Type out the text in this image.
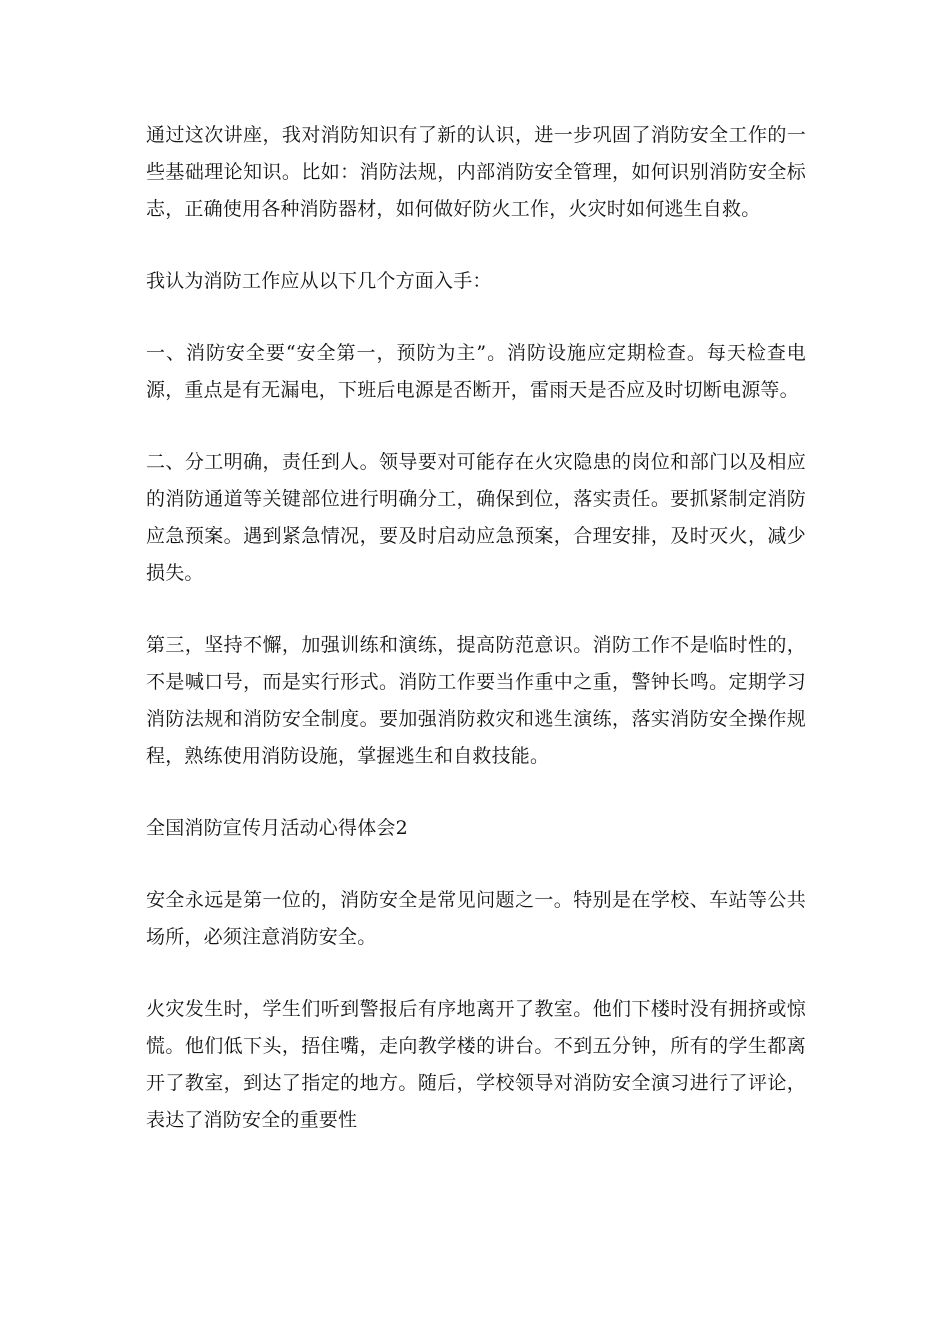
通过这次讲座，我对消防知识有了新的认识，进一步巩固了消防安全工作的一些基础理论知识。比如：消防法规，内部消防安全管理，如何识别消防安全标志，正确使用各种消防器材，如何做好防火工作，火灾时如何逃生自救。

我认为消防工作应从以下几个方面入手：

一、消防安全要“安全第一，预防为主”。消防设施应定期检查。每天检查电源，重点是有无漏电，下班后电源是否断开，雷雨天是否应及时切断电源等。

二、分工明确，责任到人。领导要对可能存在火灾隐患的岗位和部门以及相应的消防通道等关键部位进行明确分工，确保到位，落实责任。要抓紧制定消防应急预案。遇到紧急情况，要及时启动应急预案，合理安排，及时灭火，减少损失。

第三，坚持不懈，加强训练和演练，提高防范意识。消防工作不是临时性的，不是喊口号，而是实行形式。消防工作要当作重中之重，警钟长鸣。定期学习消防法规和消防安全制度。要加强消防救灾和逃生演练，落实消防安全操作规程，熟练使用消防设施，掌握逃生和自救技能。

全国消防宣传月活动心得体会2

安全永远是第一位的，消防安全是常见问题之一。特别是在学校、车站等公共场所，必须注意消防安全。

火灾发生时，学生们听到警报后有序地离开了教室。他们下楼时没有拥挤或惊慌。他们低下头，捂住嘴，走向教学楼的讲台。不到五分钟，所有的学生都离开了教室，到达了指定的地方。随后，学校领导对消防安全演习进行了评论，表达了消防安全的重要性
